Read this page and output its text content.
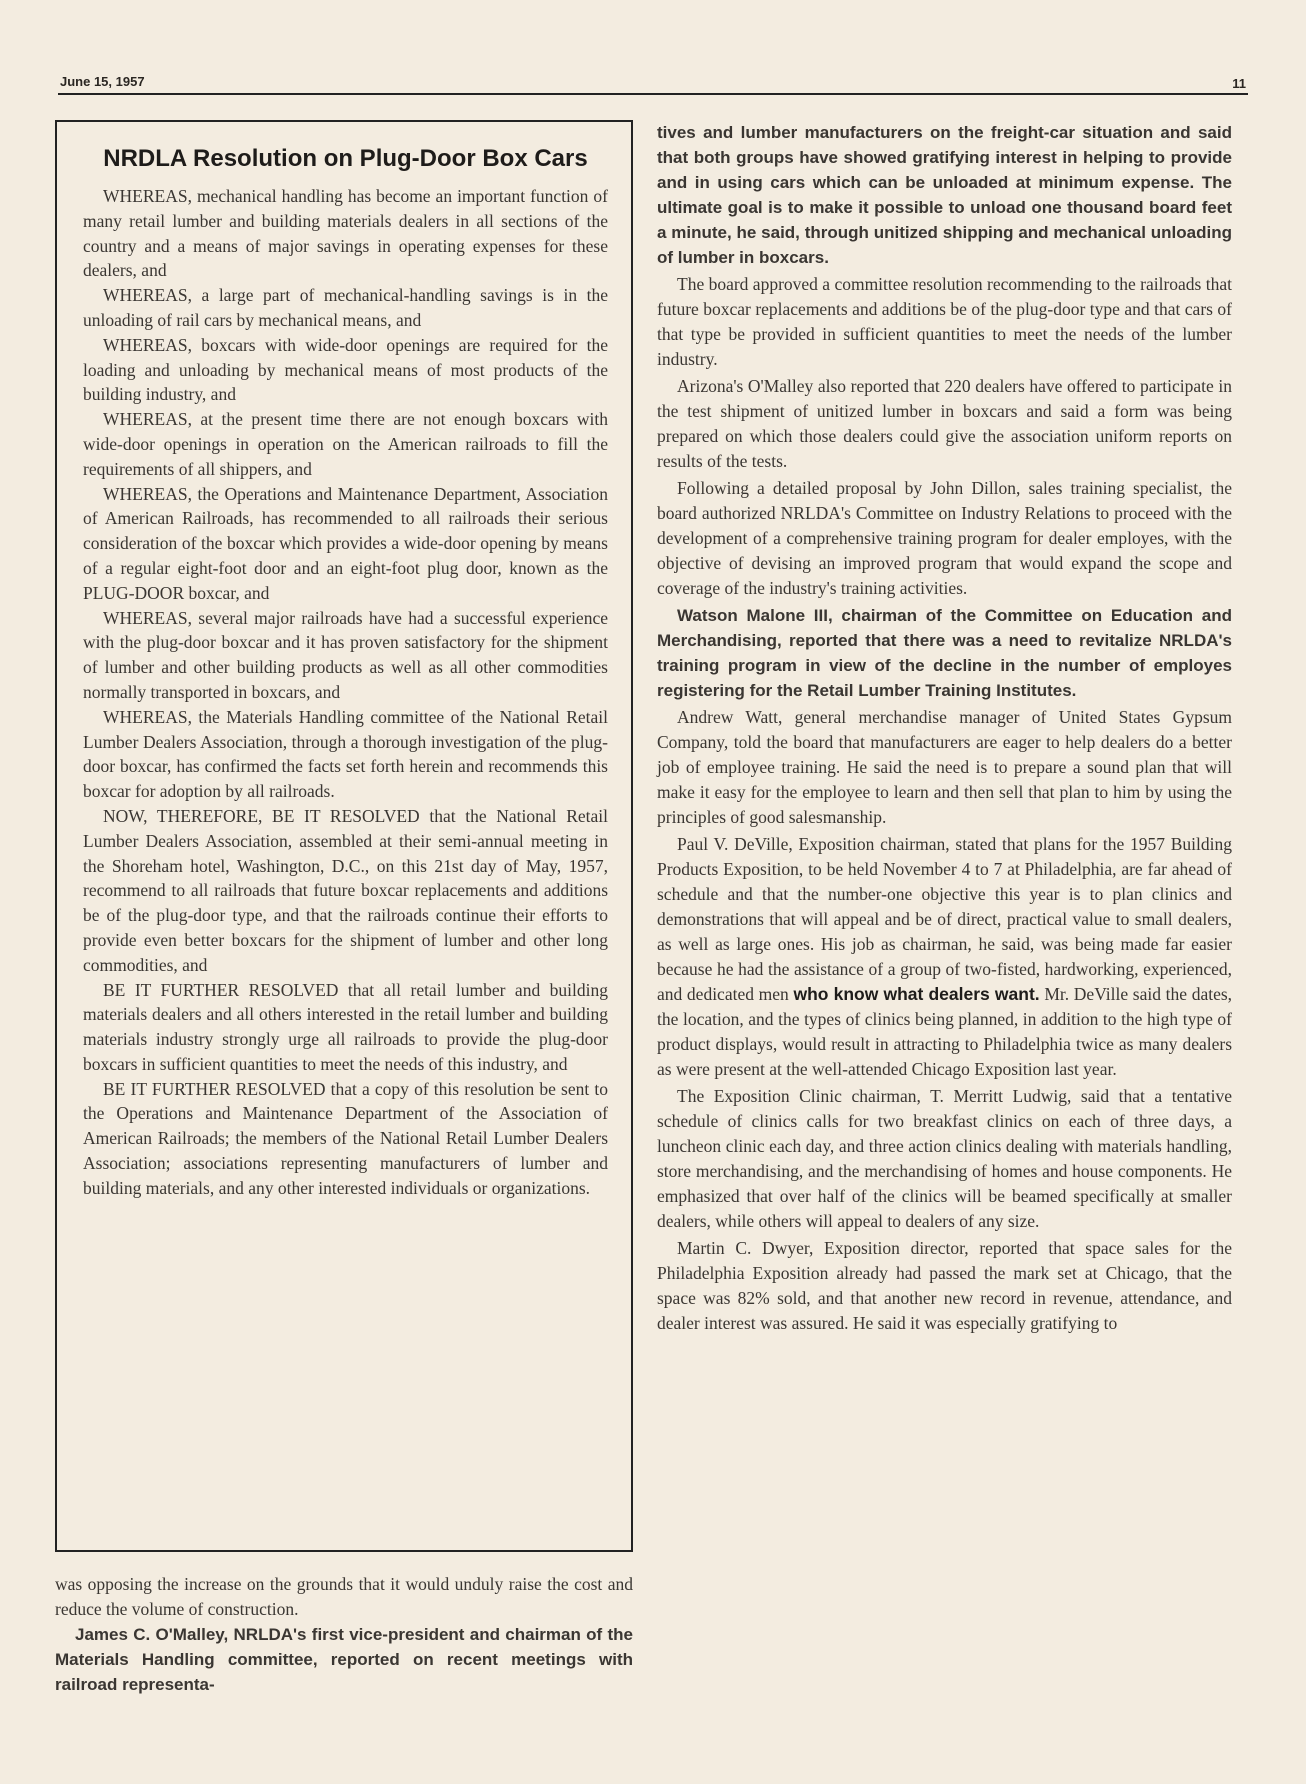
June 15, 1957	11
NRDLA Resolution on Plug-Door Box Cars

WHEREAS, mechanical handling has become an important function of many retail lumber and building materials dealers in all sections of the country and a means of major savings in operating expenses for these dealers, and

WHEREAS, a large part of mechanical-handling savings is in the unloading of rail cars by mechanical means, and

WHEREAS, boxcars with wide-door openings are required for the loading and unloading by mechanical means of most products of the building industry, and

WHEREAS, at the present time there are not enough boxcars with wide-door openings in operation on the American railroads to fill the requirements of all shippers, and

WHEREAS, the Operations and Maintenance Department, Association of American Railroads, has recommended to all railroads their serious consideration of the boxcar which provides a wide-door opening by means of a regular eight-foot door and an eight-foot plug door, known as the PLUG-DOOR boxcar, and

WHEREAS, several major railroads have had a successful experience with the plug-door boxcar and it has proven satisfactory for the shipment of lumber and other building products as well as all other commodities normally transported in boxcars, and

WHEREAS, the Materials Handling committee of the National Retail Lumber Dealers Association, through a thorough investigation of the plug-door boxcar, has confirmed the facts set forth herein and recommends this boxcar for adoption by all railroads.

NOW, THEREFORE, BE IT RESOLVED that the National Retail Lumber Dealers Association, assembled at their semi-annual meeting in the Shoreham hotel, Washington, D.C., on this 21st day of May, 1957, recommend to all railroads that future boxcar replacements and additions be of the plug-door type, and that the railroads continue their efforts to provide even better boxcars for the shipment of lumber and other long commodities, and

BE IT FURTHER RESOLVED that all retail lumber and building materials dealers and all others interested in the retail lumber and building materials industry strongly urge all railroads to provide the plug-door boxcars in sufficient quantities to meet the needs of this industry, and

BE IT FURTHER RESOLVED that a copy of this resolution be sent to the Operations and Maintenance Department of the Association of American Railroads; the members of the National Retail Lumber Dealers Association; associations representing manufacturers of lumber and building materials, and any other interested individuals or organizations.

was opposing the increase on the grounds that it would unduly raise the cost and reduce the volume of construction.

James C. O'Malley, NRLDA's first vice-president and chairman of the Materials Handling committee, reported on recent meetings with railroad representa-

tives and lumber manufacturers on the freight-car situation and said that both groups have showed gratifying interest in helping to provide and in using cars which can be unloaded at minimum expense. The ultimate goal is to make it possible to unload one thousand board feet a minute, he said, through unitized shipping and mechanical unloading of lumber in boxcars.

The board approved a committee resolution recommending to the railroads that future boxcar replacements and additions be of the plug-door type and that cars of that type be provided in sufficient quantities to meet the needs of the lumber industry.

Arizona's O'Malley also reported that 220 dealers have offered to participate in the test shipment of unitized lumber in boxcars and said a form was being prepared on which those dealers could give the association uniform reports on results of the tests.

Following a detailed proposal by John Dillon, sales training specialist, the board authorized NRLDA's Committee on Industry Relations to proceed with the development of a comprehensive training program for dealer employes, with the objective of devising an improved program that would expand the scope and coverage of the industry's training activities.

Watson Malone III, chairman of the Committee on Education and Merchandising, reported that there was a need to revitalize NRLDA's training program in view of the decline in the number of employes registering for the Retail Lumber Training Institutes.

Andrew Watt, general merchandise manager of United States Gypsum Company, told the board that manufacturers are eager to help dealers do a better job of employee training. He said the need is to prepare a sound plan that will make it easy for the employee to learn and then sell that plan to him by using the principles of good salesmanship.

Paul V. DeVille, Exposition chairman, stated that plans for the 1957 Building Products Exposition, to be held November 4 to 7 at Philadelphia, are far ahead of schedule and that the number-one objective this year is to plan clinics and demonstrations that will appeal and be of direct, practical value to small dealers, as well as large ones. His job as chairman, he said, was being made far easier because he had the assistance of a group of two-fisted, hardworking, experienced, and dedicated men who know what dealers want. Mr. DeVille said the dates, the location, and the types of clinics being planned, in addition to the high type of product displays, would result in attracting to Philadelphia twice as many dealers as were present at the well-attended Chicago Exposition last year.

The Exposition Clinic chairman, T. Merritt Ludwig, said that a tentative schedule of clinics calls for two breakfast clinics on each of three days, a luncheon clinic each day, and three action clinics dealing with materials handling, store merchandising, and the merchandising of homes and house components. He emphasized that over half of the clinics will be beamed specifically at smaller dealers, while others will appeal to dealers of any size.

Martin C. Dwyer, Exposition director, reported that space sales for the Philadelphia Exposition already had passed the mark set at Chicago, that the space was 82% sold, and that another new record in revenue, attendance, and dealer interest was assured. He said it was especially gratifying to
